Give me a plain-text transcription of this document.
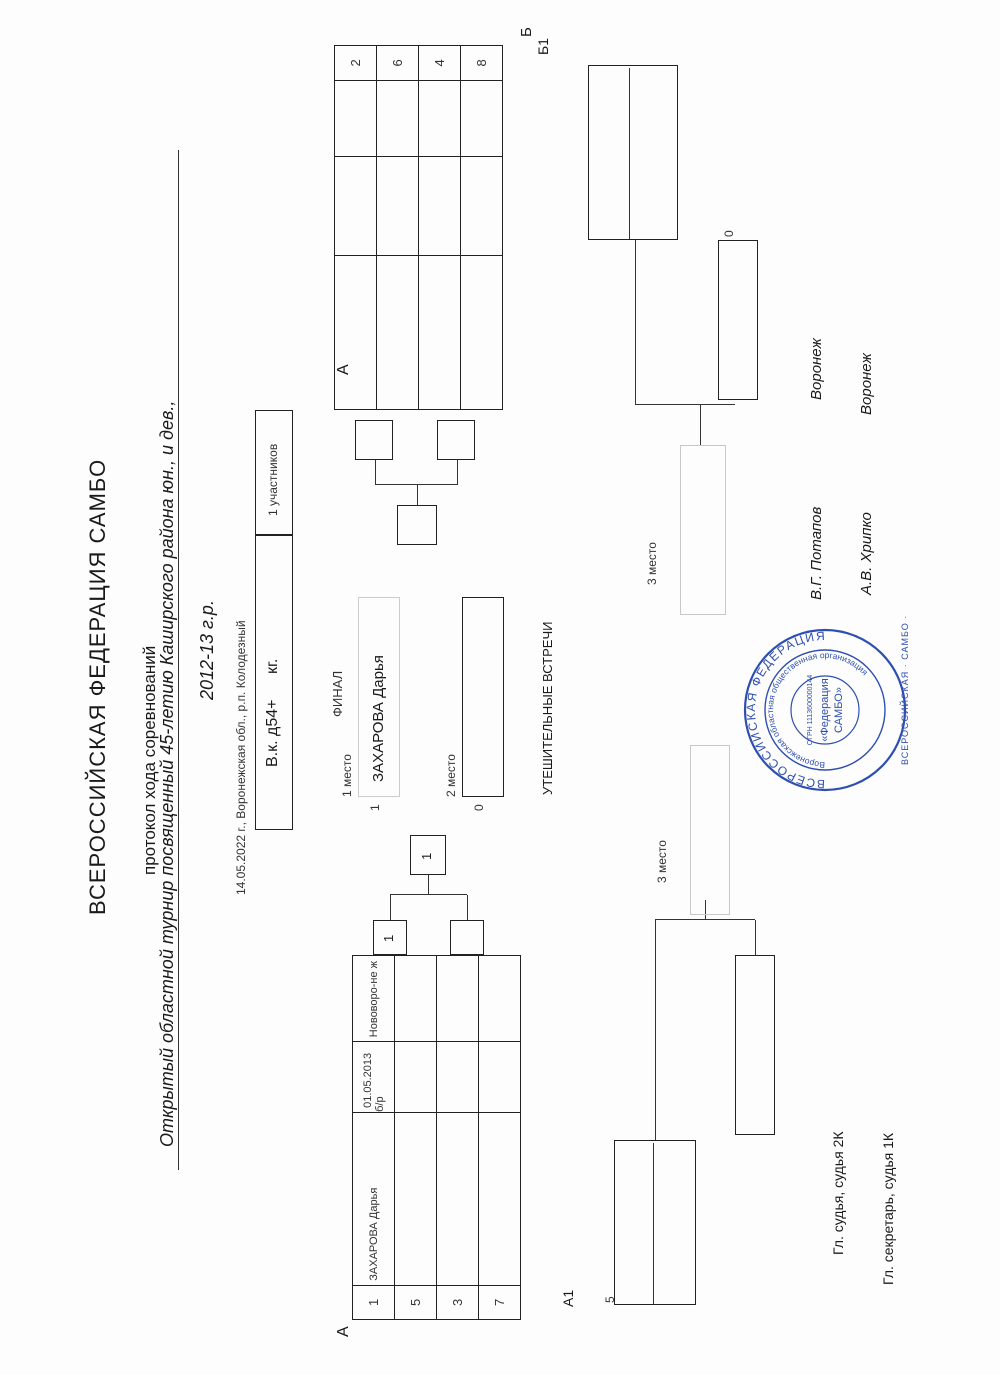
ВСЕРОССИЙСКАЯ ФЕДЕРАЦИЯ САМБО протокол хода соревнований
Открытый областной турнир посвященный 45-летию Каширского района юн., и дев., 2012-13 г.р. 14.05.2022 г., Воронежская обл., р.п. Колодезный В.к. д54+
кг.
1 участников
A
A
1	ЗАХАРОВА Дарья	01.05.2013 б/р	Нововоро-не ж
5			
3			
7			
1
1
ФИНАЛ
1 место
1
ЗАХАРОВА Дарья	2 место
0
Б
			2
			6
			4
			8
УТЕШИТЕЛЬНЫЕ ВСТРЕЧИ
А1 5
3 место
Б1
0
3 место
Гл. судья, судья 2К Гл. секретарь, судья 1К
В.Г. Потапов
Воронеж
А.В. Хрипко
Воронеж
ВСЕРОССИЙСКАЯ ФЕДЕРАЦИЯ
Воронежская областная общественная организация
ОГРН 1113600000144 «Федерация САМБО»	ВСЕРОССИЙСКАЯ · САМБО ·
